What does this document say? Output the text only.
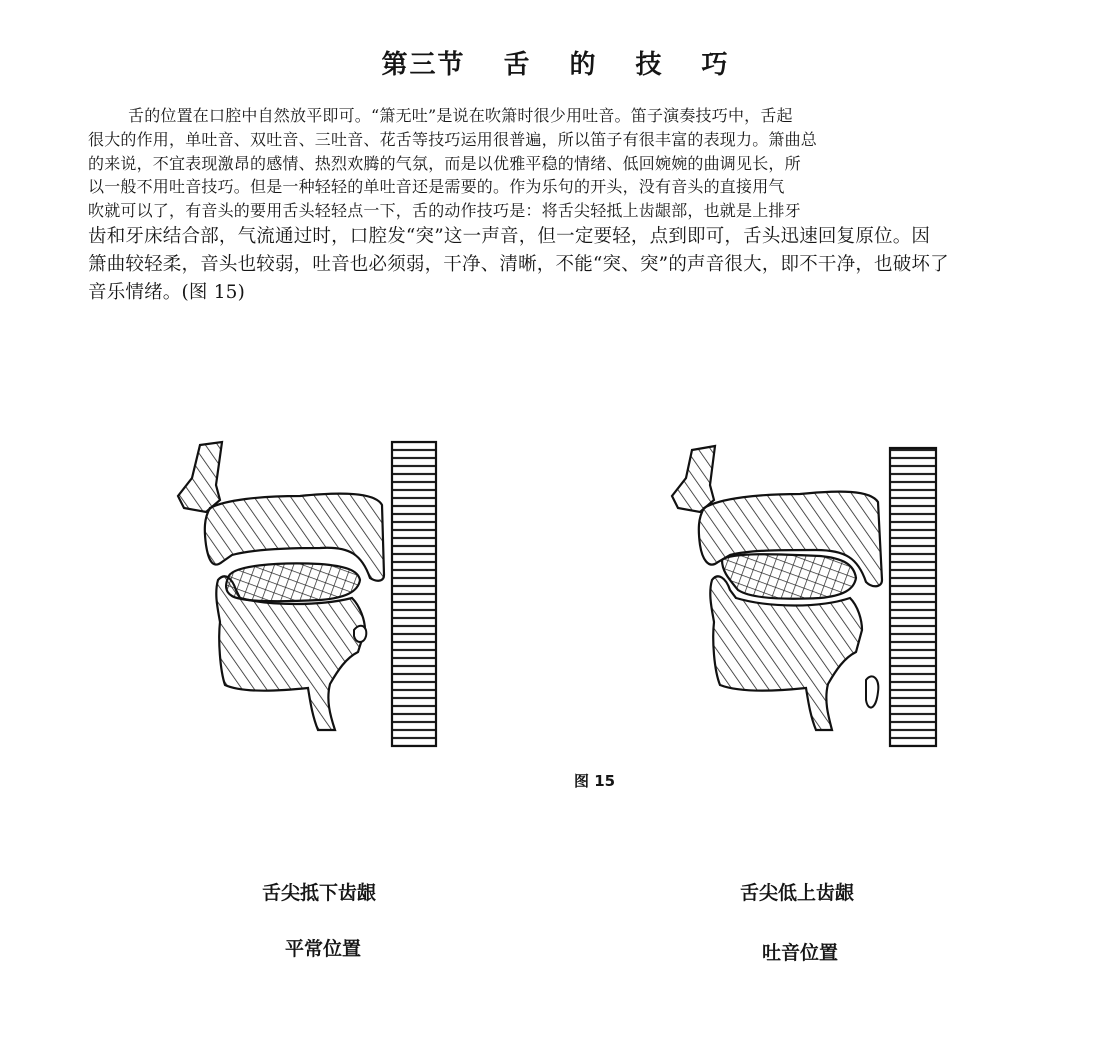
第三节 舌 的 技 巧

舌的位置在口腔中自然放平即可。“箫无吐”是说在吹箫时很少用吐音。笛子演奏技巧中，舌起

很大的作用，单吐音、双吐音、三吐音、花舌等技巧运用很普遍，所以笛子有很丰富的表现力。箫曲总

的来说，不宜表现激昂的感情、热烈欢腾的气氛，而是以优雅平稳的情绪、低回婉婉的曲调见长，所

以一般不用吐音技巧。但是一种轻轻的单吐音还是需要的。作为乐句的开头，没有音头的直接用气

吹就可以了，有音头的要用舌头轻轻点一下，舌的动作技巧是：将舌尖轻抵上齿龈部，也就是上排牙

齿和牙床结合部，气流通过时，口腔发“突”这一声音，但一定要轻，点到即可，舌头迅速回复原位。因

箫曲较轻柔，音头也较弱，吐音也必须弱，干净、清晰，不能“突、突”的声音很大，即不干净，也破坏了

音乐情绪。(图 15)

图 15
舌尖抵下齿龈
平常位置
舌尖低上齿龈
吐音位置
